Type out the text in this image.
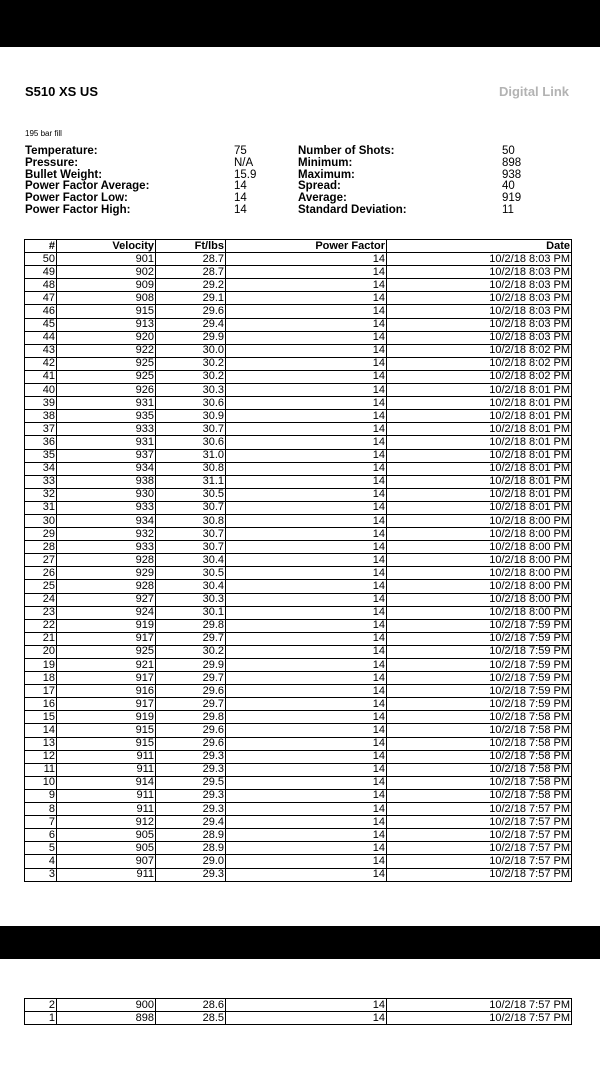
S510 XS US	Digital Link
195 bar fill
Temperature:	75
Pressure:	N/A
Bullet Weight:	15.9
Power Factor Average:	14
Power Factor Low:	14
Power Factor High:	14
Number of Shots:	50
Minimum:	898
Maximum:	938
Spread:	40
Average:	919
Standard Deviation:	11
#	Velocity	Ft/lbs	Power Factor	Date
50	901	28.7	14	10/2/18 8:03 PM
49	902	28.7	14	10/2/18 8:03 PM
48	909	29.2	14	10/2/18 8:03 PM
47	908	29.1	14	10/2/18 8:03 PM
46	915	29.6	14	10/2/18 8:03 PM
45	913	29.4	14	10/2/18 8:03 PM
44	920	29.9	14	10/2/18 8:03 PM
43	922	30.0	14	10/2/18 8:02 PM
42	925	30.2	14	10/2/18 8:02 PM
41	925	30.2	14	10/2/18 8:02 PM
40	926	30.3	14	10/2/18 8:01 PM
39	931	30.6	14	10/2/18 8:01 PM
38	935	30.9	14	10/2/18 8:01 PM
37	933	30.7	14	10/2/18 8:01 PM
36	931	30.6	14	10/2/18 8:01 PM
35	937	31.0	14	10/2/18 8:01 PM
34	934	30.8	14	10/2/18 8:01 PM
33	938	31.1	14	10/2/18 8:01 PM
32	930	30.5	14	10/2/18 8:01 PM
31	933	30.7	14	10/2/18 8:01 PM
30	934	30.8	14	10/2/18 8:00 PM
29	932	30.7	14	10/2/18 8:00 PM
28	933	30.7	14	10/2/18 8:00 PM
27	928	30.4	14	10/2/18 8:00 PM
26	929	30.5	14	10/2/18 8:00 PM
25	928	30.4	14	10/2/18 8:00 PM
24	927	30.3	14	10/2/18 8:00 PM
23	924	30.1	14	10/2/18 8:00 PM
22	919	29.8	14	10/2/18 7:59 PM
21	917	29.7	14	10/2/18 7:59 PM
20	925	30.2	14	10/2/18 7:59 PM
19	921	29.9	14	10/2/18 7:59 PM
18	917	29.7	14	10/2/18 7:59 PM
17	916	29.6	14	10/2/18 7:59 PM
16	917	29.7	14	10/2/18 7:59 PM
15	919	29.8	14	10/2/18 7:58 PM
14	915	29.6	14	10/2/18 7:58 PM
13	915	29.6	14	10/2/18 7:58 PM
12	911	29.3	14	10/2/18 7:58 PM
11	911	29.3	14	10/2/18 7:58 PM
10	914	29.5	14	10/2/18 7:58 PM
9	911	29.3	14	10/2/18 7:58 PM
8	911	29.3	14	10/2/18 7:57 PM
7	912	29.4	14	10/2/18 7:57 PM
6	905	28.9	14	10/2/18 7:57 PM
5	905	28.9	14	10/2/18 7:57 PM
4	907	29.0	14	10/2/18 7:57 PM
3	911	29.3	14	10/2/18 7:57 PM
2	900	28.6	14	10/2/18 7:57 PM
1	898	28.5	14	10/2/18 7:57 PM
